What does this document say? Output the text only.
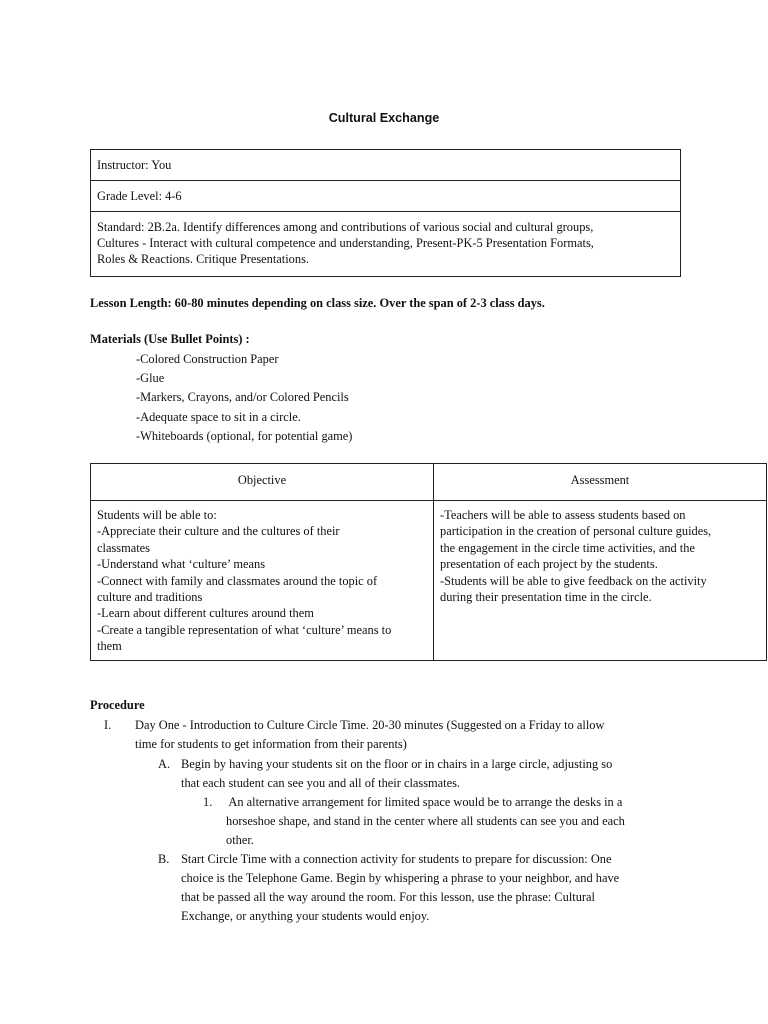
Cultural Exchange
Instructor: You
Grade Level: 4-6
Standard: 2B.2a. Identify differences among and contributions of various social and cultural groups,
Cultures - Interact with cultural competence and understanding, Present-PK-5 Presentation Formats,
Roles & Reactions. Critique Presentations.
Lesson Length: 60-80 minutes depending on class size. Over the span of 2-3 class days.
Materials (Use Bullet Points) :
-Colored Construction Paper
-Glue
-Markers, Crayons, and/or Colored Pencils
-Adequate space to sit in a circle.
-Whiteboards (optional, for potential game)
Objective	Assessment
Students will be able to:
-Appreciate their culture and the cultures of their
classmates
-Understand what ‘culture’ means
-Connect with family and classmates around the topic of
culture and traditions
-Learn about different cultures around them
-Create a tangible representation of what ‘culture’ means to
them
-Teachers will be able to assess students based on
participation in the creation of personal culture guides,
the engagement in the circle time activities, and the
presentation of each project by the students.
-Students will be able to give feedback on the activity
during their presentation time in the circle.
Procedure
I. Day One - Introduction to Culture Circle Time. 20-30 minutes (Suggested on a Friday to allow
time for students to get information from their parents)
A. Begin by having your students sit on the floor or in chairs in a large circle, adjusting so
that each student can see you and all of their classmates.
1. An alternative arrangement for limited space would be to arrange the desks in a
horseshoe shape, and stand in the center where all students can see you and each
other.
B. Start Circle Time with a connection activity for students to prepare for discussion: One
choice is the Telephone Game. Begin by whispering a phrase to your neighbor, and have
that be passed all the way around the room. For this lesson, use the phrase: Cultural
Exchange, or anything your students would enjoy.
